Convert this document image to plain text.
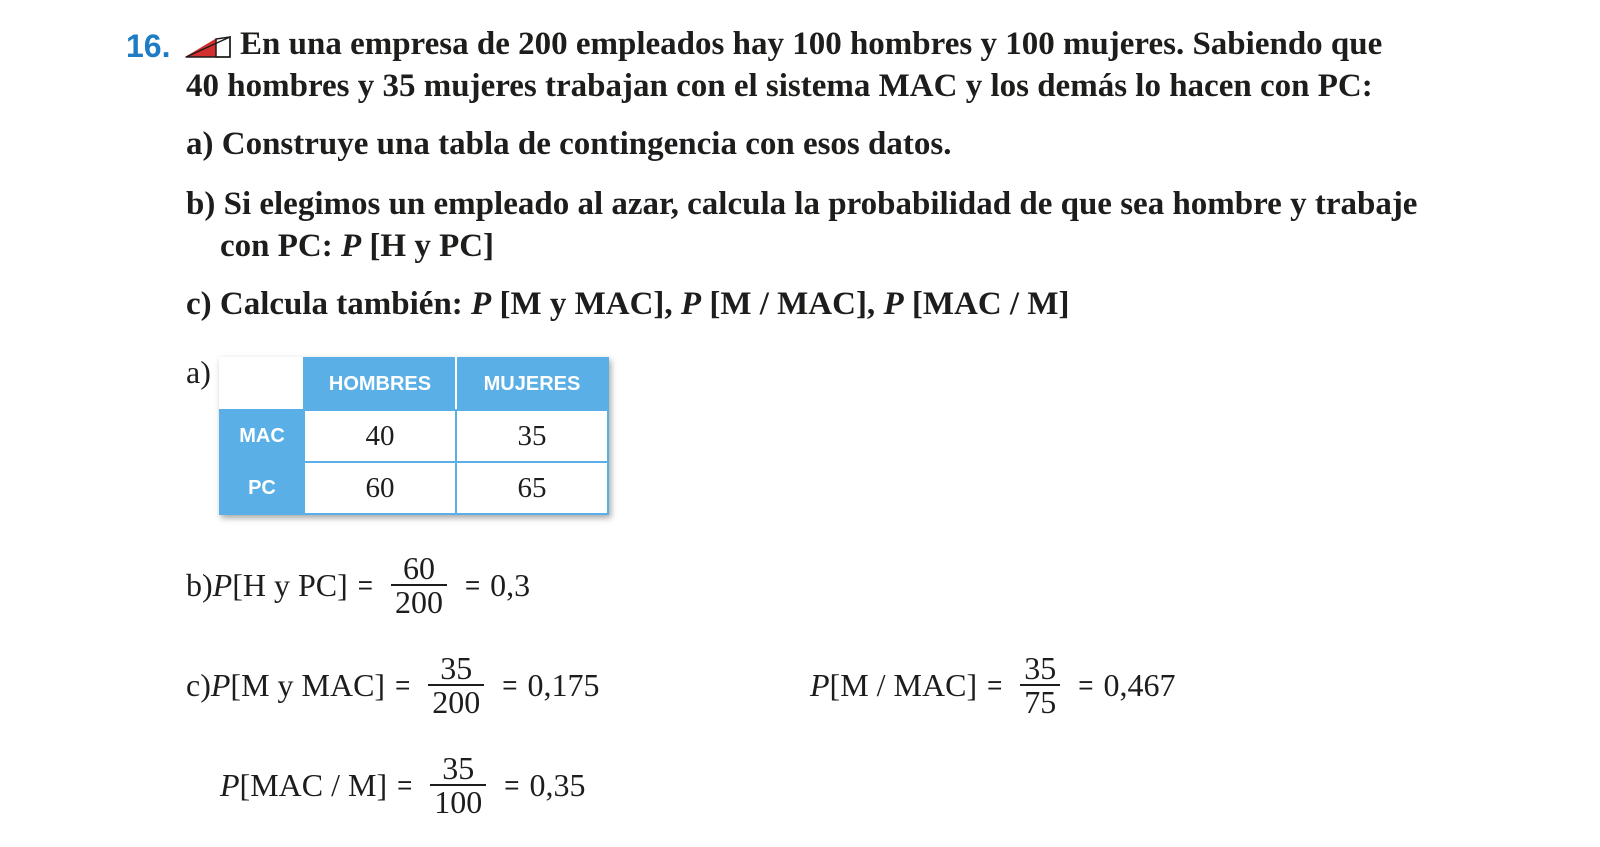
16. En una empresa de 200 empleados hay 100 hombres y 100 mujeres. Sabiendo que
40 hombres y 35 mujeres trabajan con el sistema MAC y los demás lo hacen con PC:
a) Construye una tabla de contingencia con esos datos.
b) Si elegimos un empleado al azar, calcula la probabilidad de que sea hombre y trabaje
con PC: P [H y PC]
c) Calcula también: P [M y MAC], P [M / MAC], P [MAC / M]
a)
		HOMBRES	MUJERES
MAC	40	35
PC	60	65
b) P [H y $PC] = \frac{60}{200} = 0,3$
c) P [M y $MAC] = \frac{35}{200} = 0,175$	P $[M / MAC] = \frac{35}{75} = 0,467$
P $[MAC / M] = \frac{35}{100} = 0,35$
